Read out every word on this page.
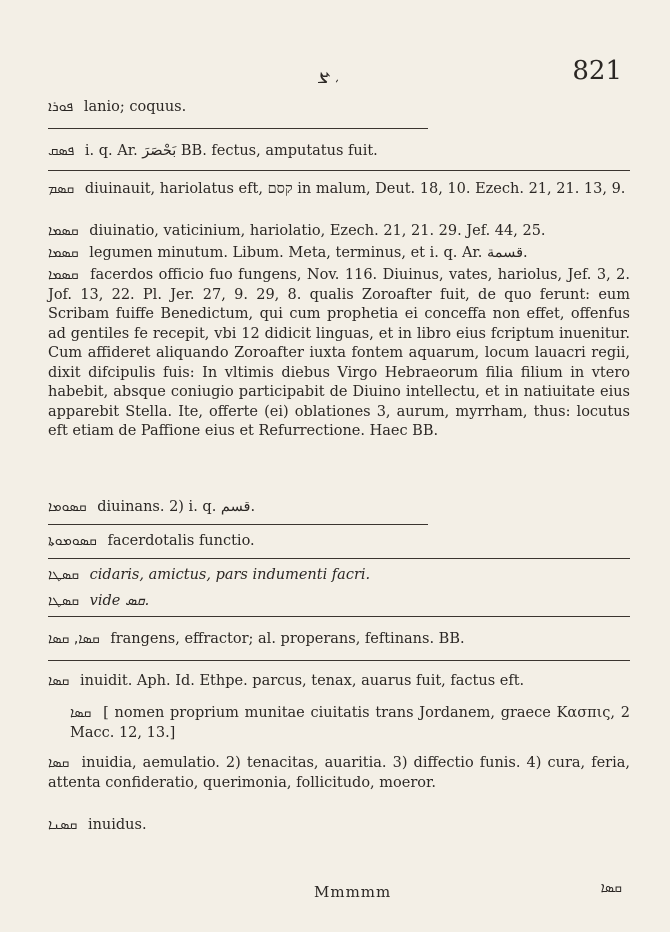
ܨ ܼ	821
ܦܘܪܐ lanio; coquus.
ܦܣܩ i. q. Ar. ‫بَحْصَرَ‬ BB. fectus, amputatus fuit.
ܩܣܡ diuinauit, hariolatus eft, קסם in malum, Deut. 18, 10. Ezech. 21, 21. 13, 9.
ܩܣܡܐ diuinatio, vaticinium, hariolatio, Ezech. 21, 21. 29. Jef. 44, 25.
ܩܣܡܐ legumen minutum. Libum. Meta, terminus, et i. q. Ar. ‫قسمة‬.
ܩܣܡܐ facerdos officio fuo fungens, Nov. 116. Diuinus, vates, hariolus, Jef. 3, 2. Jof. 13, 22. Pl. Jer. 27, 9. 29, 8. qualis Zoroafter fuit, de quo ferunt: eum Scribam fuiffe Benedictum, qui cum prophetia ei conceffa non effet, offenfus ad gentiles fe recepit, vbi 12 didicit linguas, et in libro eius fcriptum inuenitur. Cum affideret aliquando Zoroafter iuxta fontem aquarum, locum lauacri regii, dixit difcipulis fuis: In vltimis diebus Virgo Hebraeorum filia filium in vtero habebit, absque coniugio participabit de Diuino intellectu, et in natiuitate eius apparebit Stella. Ite, offerte (ei) oblationes 3, aurum, myrrham, thus: locutus eft etiam de Paffione eius et Refurrectione. Haec BB.
ܩܣܘܡܐ diuinans. 2) i. q. ‫قسم‬.
ܩܣܘܡܘܬܐ facerdotalis functio.
ܩܣܛܐ cidaris, amictus, pars indumenti facri.
ܩܣܛܐ vide ܩܣ.
ܩܣܐ, ܩܣܐ frangens, effractor; al. properans, feftinans. BB.
ܩܣܐ inuidit. Aph. Id. Ethpe. parcus, tenax, auarus fuit, factus eft.
ܩܣܐ [ nomen proprium munitae ciuitatis trans Jordanem, graece Κασπις, 2 Macc. 12, 13.]
ܩܣܐ inuidia, aemulatio. 2) tenacitas, auaritia. 3) diffectio funis. 4) cura, feria, attenta confideratio, querimonia, follicitudo, moeror.
ܩܣܢܐ inuidus.
Mmmmm	ܩܣܐ
